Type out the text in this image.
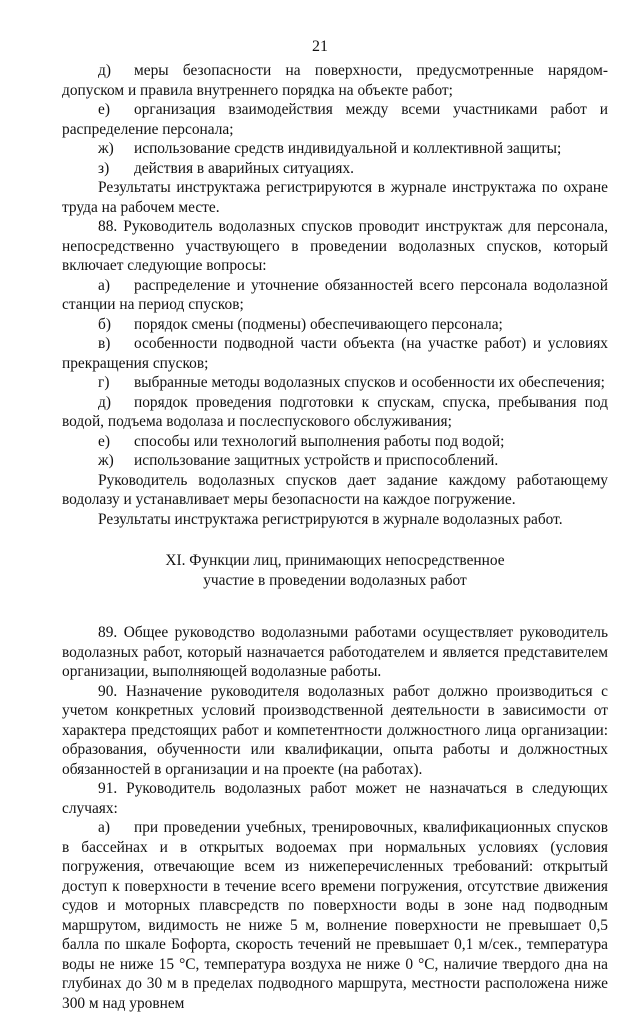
21

д) меры безопасности на поверхности, предусмотренные нарядом-допуском и правила внутреннего порядка на объекте работ;

е) организация взаимодействия между всеми участниками работ и распределение персонала;

ж) использование средств индивидуальной и коллективной защиты;

з) действия в аварийных ситуациях.

Результаты инструктажа регистрируются в журнале инструктажа по охране труда на рабочем месте.

88. Руководитель водолазных спусков проводит инструктаж для персонала, непосредственно участвующего в проведении водолазных спусков, который включает следующие вопросы:

а) распределение и уточнение обязанностей всего персонала водолазной станции на период спусков;

б) порядок смены (подмены) обеспечивающего персонала;

в) особенности подводной части объекта (на участке работ) и условиях прекращения спусков;

г) выбранные методы водолазных спусков и особенности их обеспечения;

д) порядок проведения подготовки к спускам, спуска, пребывания под водой, подъема водолаза и послеспускового обслуживания;

е) способы или технологий выполнения работы под водой;

ж) использование защитных устройств и приспособлений.

Руководитель водолазных спусков дает задание каждому работающему водолазу и устанавливает меры безопасности на каждое погружение.

Результаты инструктажа регистрируются в журнале водолазных работ.

XI. Функции лиц, принимающих непосредственное
участие в проведении водолазных работ

89. Общее руководство водолазными работами осуществляет руководитель водолазных работ, который назначается работодателем и является представителем организации, выполняющей водолазные работы.

90. Назначение руководителя водолазных работ должно производиться с учетом конкретных условий производственной деятельности в зависимости от характера предстоящих работ и компетентности должностного лица организации: образования, обученности или квалификации, опыта работы и должностных обязанностей в организации и на проекте (на работах).

91. Руководитель водолазных работ может не назначаться в следующих случаях:

а) при проведении учебных, тренировочных, квалификационных спусков в бассейнах и в открытых водоемах при нормальных условиях (условия погружения, отвечающие всем из нижеперечисленных требований: открытый доступ к поверхности в течение всего времени погружения, отсутствие движения судов и моторных плавсредств по поверхности воды в зоне над подводным маршрутом, видимость не ниже 5 м, волнение поверхности не превышает 0,5 балла по шкале Бофорта, скорость течений не превышает 0,1 м/сек., температура воды не ниже 15 °С, температура воздуха не ниже 0 °С, наличие твердого дна на глубинах до 30 м в пределах подводного маршрута, местности расположена ниже 300 м над уровнем
